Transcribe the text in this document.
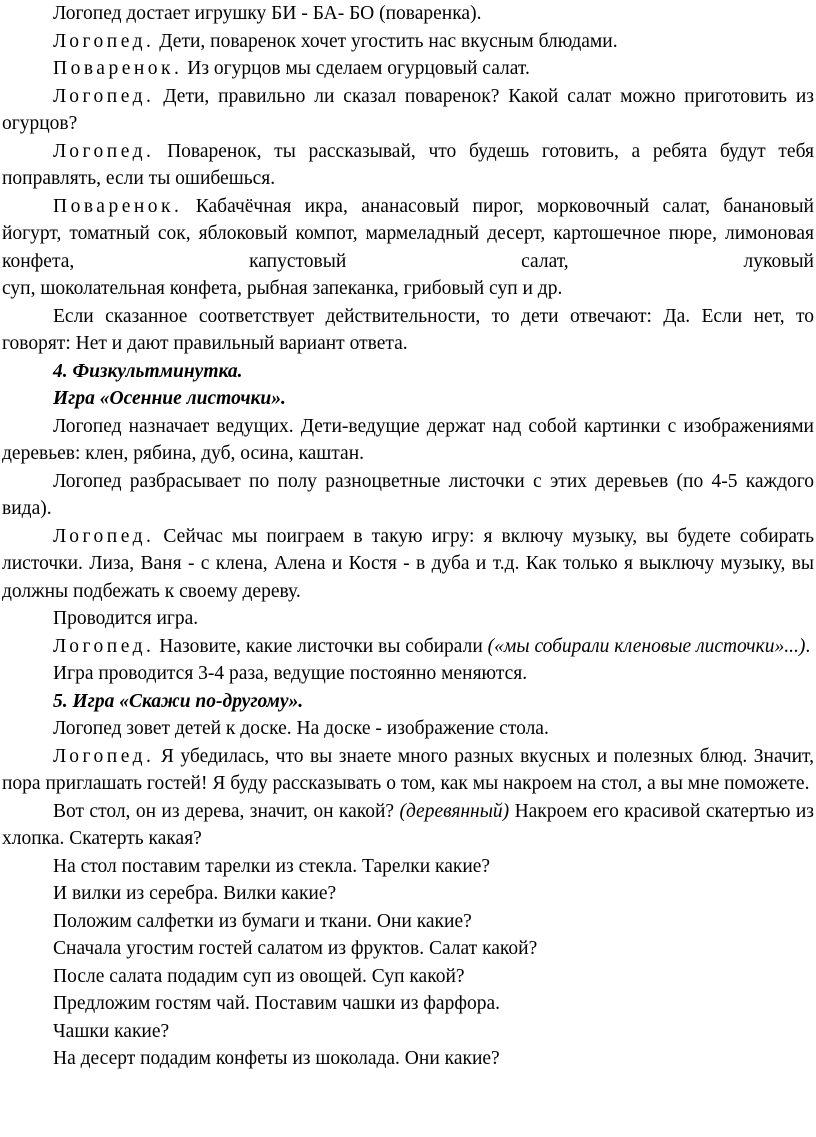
Логопед достает игрушку БИ - БА- БО (поваренка).

Логопед. Дети, поваренок хочет угостить нас вкусным блюдами.

Поваренок. Из огурцов мы сделаем огурцовый салат.

Логопед. Дети, правильно ли сказал поваренок? Какой салат можно приготовить из огурцов?

Логопед. Поваренок, ты рассказывай, что будешь готовить, а ребята будут тебя поправлять, если ты ошибешься.

Поваренок. Кабачёчная икра, ананасовый пирог, морковочный салат, банановый йогурт, томатный сок, яблоковый компот, мармеладный десерт, картошечное пюре, лимоновая конфета, капустовый салат, луковый

суп, шоколательная конфета, рыбная запеканка, грибовый суп и др.

Если сказанное соответствует действительности, то дети отвечают: Да. Если нет, то говорят: Нет и дают правильный вариант ответа.

4. Физкультминутка.

Игра «Осенние листочки».

Логопед назначает ведущих. Дети-ведущие держат над собой картинки с изображениями деревьев: клен, рябина, дуб, осина, каштан.

Логопед разбрасывает по полу разноцветные листочки с этих деревьев (по 4-5 каждого вида).

Логопед. Сейчас мы поиграем в такую игру: я включу музыку, вы будете собирать листочки. Лиза, Ваня - с клена, Алена и Костя - в дуба и т.д. Как только я выключу музыку, вы должны подбежать к своему дереву.

Проводится игра.

Логопед. Назовите, какие листочки вы собирали («мы собирали кленовые листочки»...).

Игра проводится 3-4 раза, ведущие постоянно меняются.

5. Игра «Скажи по-другому».

Логопед зовет детей к доске. На доске - изображение стола.

Логопед. Я убедилась, что вы знаете много разных вкусных и полезных блюд. Значит, пора приглашать гостей! Я буду рассказывать о том, как мы накроем на стол, а вы мне поможете.

Вот стол, он из дерева, значит, он какой? (деревянный) Накроем его красивой скатертью из хлопка. Скатерть какая?

На стол поставим тарелки из стекла. Тарелки какие?

И вилки из серебра. Вилки какие?

Положим салфетки из бумаги и ткани. Они какие?

Сначала угостим гостей салатом из фруктов. Салат какой?

После салата подадим суп из овощей. Суп какой?

Предложим гостям чай. Поставим чашки из фарфора.

Чашки какие?

На десерт подадим конфеты из шоколада. Они какие?
